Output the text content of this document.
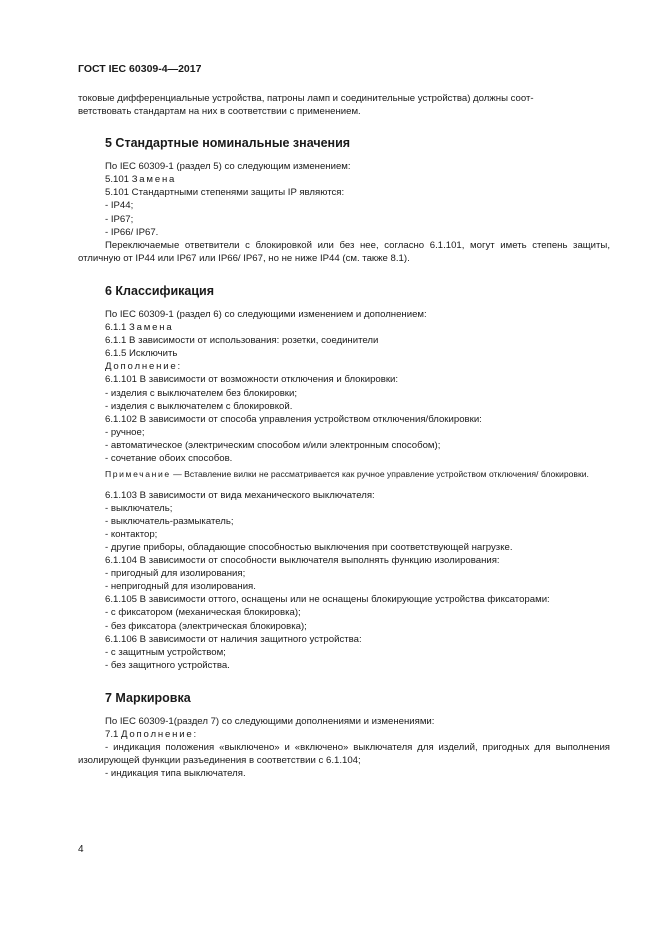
ГОСТ IEC 60309-4—2017

токовые дифференциальные устройства, патроны ламп и соединительные устройства) должны соот-

ветствовать стандартам на них в соответствии с применением.

5 Стандартные номинальные значения

По IEC 60309-1 (раздел 5) со следующим изменением:

5.101 Замена

5.101 Стандартными степенями защиты IP являются:

- IP44;

- IP67;

- IP66/ IP67.

Переключаемые ответвители с блокировкой или без нее, согласно 6.1.101, могут иметь степень защиты, отличную от IP44 или IP67 или IP66/ IP67, но не ниже IP44 (см. также 8.1).

6 Классификация

По IEC 60309-1 (раздел 6) со следующими изменением и дополнением:

6.1.1 Замена

6.1.1 В зависимости от использования: розетки, соединители

6.1.5 Исключить

Дополнение:

6.1.101 В зависимости от возможности отключения и блокировки:

- изделия с выключателем без блокировки;

- изделия с выключателем с блокировкой.

6.1.102 В зависимости от способа управления устройством отключения/блокировки:

- ручное;

- автоматическое (электрическим способом и/или электронным способом);

- сочетание обоих способов.

Примечание — Вставление вилки не рассматривается как ручное управление устройством отключения/ блокировки.

6.1.103 В зависимости от вида механического выключателя:

- выключатель;

- выключатель-размыкатель;

- контактор;

- другие приборы, обладающие способностью выключения при соответствующей нагрузке.

6.1.104 В зависимости от способности выключателя выполнять функцию изолирования:

- пригодный для изолирования;

- непригодный для изолирования.

6.1.105 В зависимости оттого, оснащены или не оснащены блокирующие устройства фиксаторами:

- с фиксатором (механическая блокировка);

- без фиксатора (электрическая блокировка);

6.1.106 В зависимости от наличия защитного устройства:

- с защитным устройством;

- без защитного устройства.

7 Маркировка

По IEC 60309-1(раздел 7) со следующими дополнениями и изменениями:

7.1 Дополнение:

- индикация положения «выключено» и «включено» выключателя для изделий, пригодных для выполнения изолирующей функции разъединения в соответствии с 6.1.104;

- индикация типа выключателя.

4
